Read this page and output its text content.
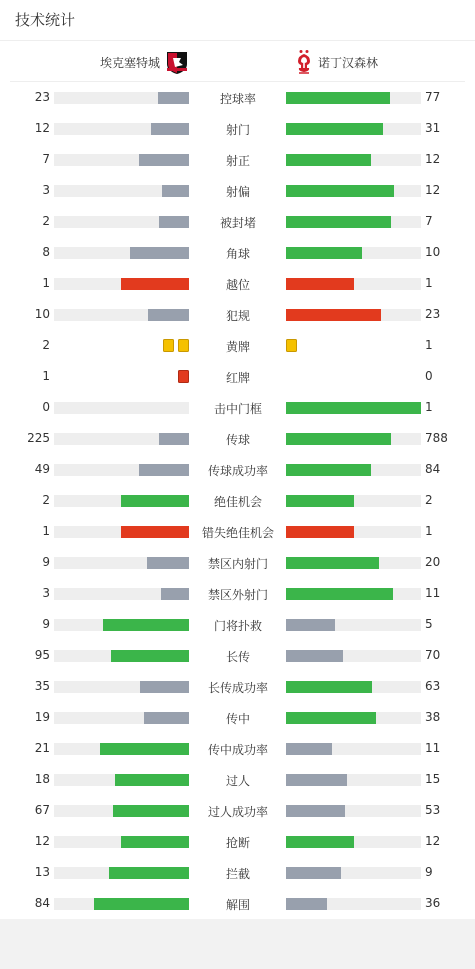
技术统计
埃克塞特城	诺丁汉森林
23	控球率	77
12	射门	31
7	射正	12
3	射偏	12
2	被封堵	7
8	角球	10
1	越位	1
10	犯规	23
2	黄牌	1
1	红牌	0
0	击中门框	1
225	传球	788
49	传球成功率	84
2	绝佳机会	2
1	错失绝佳机会	1
9	禁区内射门	20
3	禁区外射门	11
9	门将扑救	5
95	长传	70
35	长传成功率	63
19	传中	38
21	传中成功率	11
18	过人	15
67	过人成功率	53
12	抢断	12
13	拦截	9
84	解围	36
